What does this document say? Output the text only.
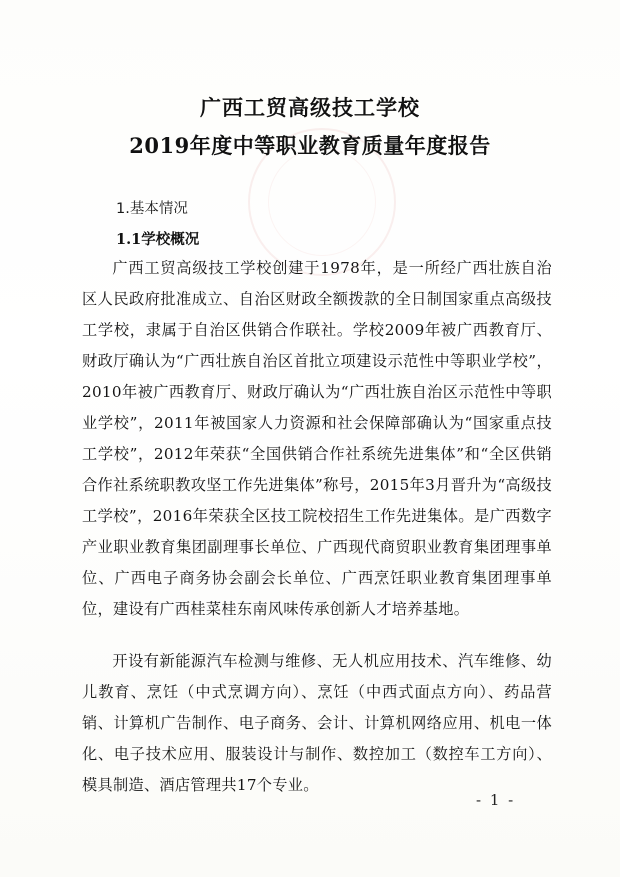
广西工贸高级技工学校
2019年度中等职业教育质量年度报告
1.基本情况
1.1学校概况
广西工贸高级技工学校创建于1978年，是一所经广西壮族自治区人民政府批准成立、自治区财政全额拨款的全日制国家重点高级技工学校，隶属于自治区供销合作联社。学校2009年被广西教育厅、财政厅确认为“广西壮族自治区首批立项建设示范性中等职业学校”，2010年被广西教育厅、财政厅确认为“广西壮族自治区示范性中等职业学校”，2011年被国家人力资源和社会保障部确认为“国家重点技工学校”，2012年荣获“全国供销合作社系统先进集体”和“全区供销合作社系统职教攻坚工作先进集体”称号，2015年3月晋升为“高级技工学校”，2016年荣获全区技工院校招生工作先进集体。是广西数字产业职业教育集团副理事长单位、广西现代商贸职业教育集团理事单位、广西电子商务协会副会长单位、广西烹饪职业教育集团理事单位，建设有广西桂菜桂东南风味传承创新人才培养基地。
开设有新能源汽车检测与维修、无人机应用技术、汽车维修、幼儿教育、烹饪（中式烹调方向）、烹饪（中西式面点方向）、药品营销、计算机广告制作、电子商务、会计、计算机网络应用、机电一体化、电子技术应用、服装设计与制作、数控加工（数控车工方向）、模具制造、酒店管理共17个专业。
- 1 -
